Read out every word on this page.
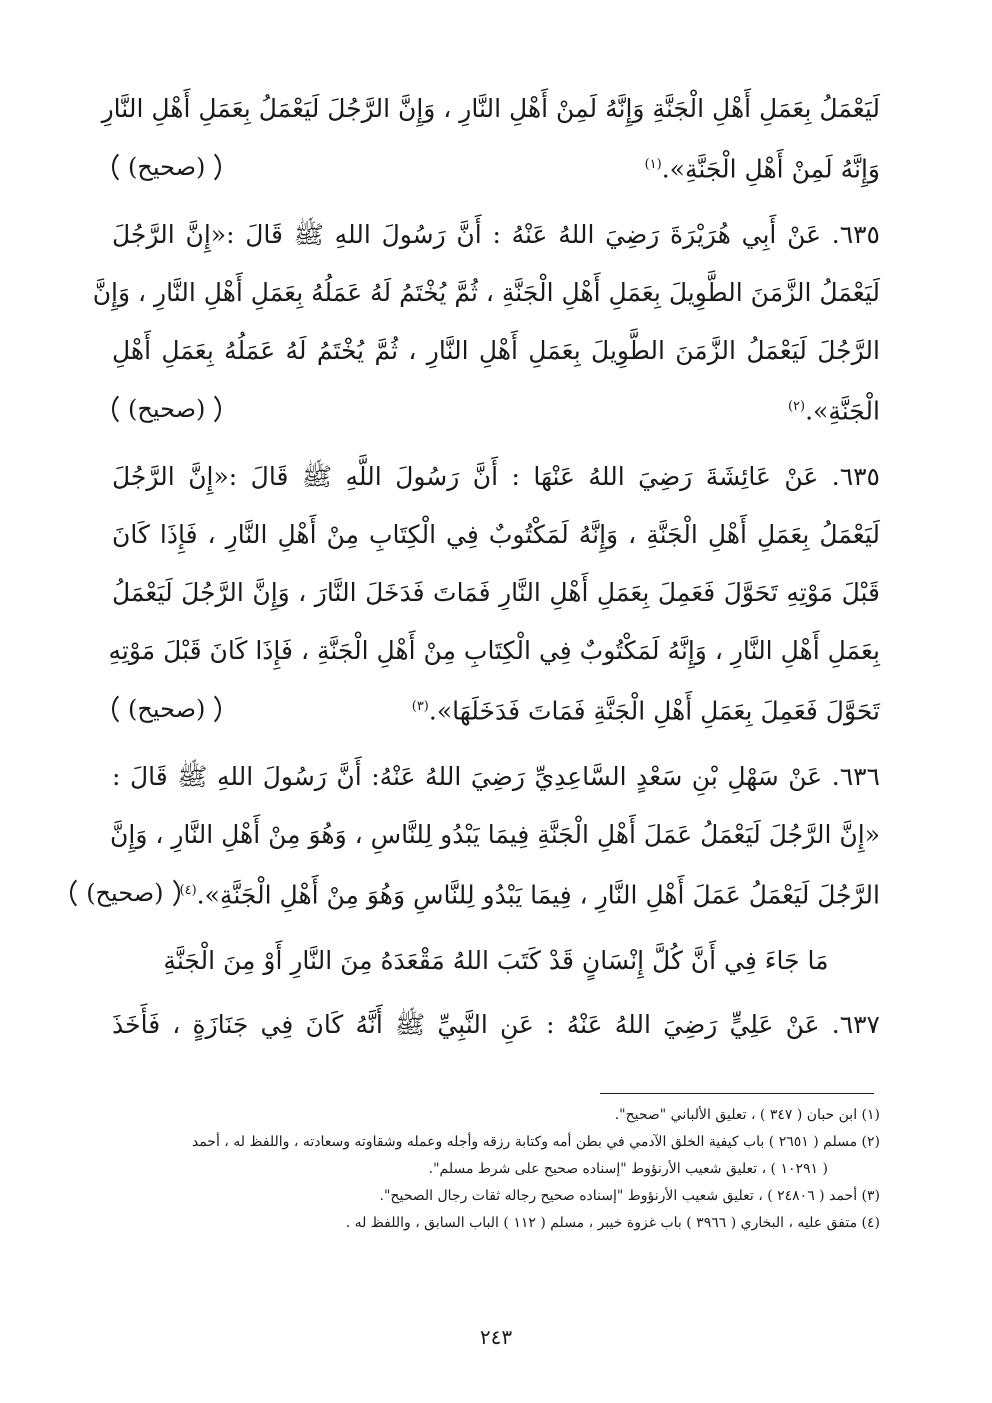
لَيَعْمَلُ بِعَمَلِ أَهْلِ الْجَنَّةِ وَإِنَّهُ لَمِنْ أَهْلِ النَّارِ ، وَإِنَّ الرَّجُلَ لَيَعْمَلُ بِعَمَلِ أَهْلِ النَّارِ
وَإِنَّهُ لَمِنْ أَهْلِ الْجَنَّةِ».$^{(١)}$
(صحيح)
٦٣٥. عَنْ أَبِي هُرَيْرَةَ رَضِيَ اللهُ عَنْهُ : أَنَّ رَسُولَ اللهِ ﷺ قَالَ :«إِنَّ الرَّجُلَ
لَيَعْمَلُ الزَّمَنَ الطَّوِيلَ بِعَمَلِ أَهْلِ الْجَنَّةِ ، ثُمَّ يُخْتَمُ لَهُ عَمَلُهُ بِعَمَلِ أَهْلِ النَّارِ ، وَإِنَّ
الرَّجُلَ لَيَعْمَلُ الزَّمَنَ الطَّوِيلَ بِعَمَلِ أَهْلِ النَّارِ ، ثُمَّ يُخْتَمُ لَهُ عَمَلُهُ بِعَمَلِ أَهْلِ
الْجَنَّةِ».$^{(٢)}$
(صحيح)
٦٣٥. عَنْ عَائِشَةَ رَضِيَ اللهُ عَنْهَا : أَنَّ رَسُولَ اللَّهِ ﷺ قَالَ :«إِنَّ الرَّجُلَ
لَيَعْمَلُ بِعَمَلِ أَهْلِ الْجَنَّةِ ، وَإِنَّهُ لَمَكْتُوبٌ فِي الْكِتَابِ مِنْ أَهْلِ النَّارِ ، فَإِذَا كَانَ
قَبْلَ مَوْتِهِ تَحَوَّلَ فَعَمِلَ بِعَمَلِ أَهْلِ النَّارِ فَمَاتَ فَدَخَلَ النَّارَ ، وَإِنَّ الرَّجُلَ لَيَعْمَلُ
بِعَمَلِ أَهْلِ النَّارِ ، وَإِنَّهُ لَمَكْتُوبٌ فِي الْكِتَابِ مِنْ أَهْلِ الْجَنَّةِ ، فَإِذَا كَانَ قَبْلَ مَوْتِهِ
تَحَوَّلَ فَعَمِلَ بِعَمَلِ أَهْلِ الْجَنَّةِ فَمَاتَ فَدَخَلَهَا».$^{(٣)}$
(صحيح)
٦٣٦. عَنْ سَهْلِ بْنِ سَعْدٍ السَّاعِدِيِّ رَضِيَ اللهُ عَنْهُ: أَنَّ رَسُولَ اللهِ ﷺ قَالَ :
«إِنَّ الرَّجُلَ لَيَعْمَلُ عَمَلَ أَهْلِ الْجَنَّةِ فِيمَا يَبْدُو لِلنَّاسِ ، وَهُوَ مِنْ أَهْلِ النَّارِ ، وَإِنَّ
الرَّجُلَ لَيَعْمَلُ عَمَلَ أَهْلِ النَّارِ ، فِيمَا يَبْدُو لِلنَّاسِ وَهُوَ مِنْ أَهْلِ الْجَنَّةِ».$^{(٤)}$
(صحيح)
مَا جَاءَ فِي أَنَّ كُلَّ إِنْسَانٍ قَدْ كَتَبَ اللهُ مَقْعَدَهُ مِنَ النَّارِ أَوْ مِنَ الْجَنَّةِ
٦٣٧. عَنْ عَلِيٍّ رَضِيَ اللهُ عَنْهُ : عَنِ النَّبِيِّ ﷺ أَنَّهُ كَانَ فِي جَنَازَةٍ ، فَأَخَذَ

(١) ابن حبان ( ٣٤٧ ) ، تعليق الألباني "صحيح".

(٢) مسلم ( ٢٦٥١ ) باب كيفية الخلق الآدمي في بطن أمه وكتابة رزقه وأجله وعمله وشقاوته وسعادته ، واللفظ له ، أحمد

( ١٠٢٩١ ) ، تعليق شعيب الأرنؤوط "إسناده صحيح على شرط مسلم".

(٣) أحمد ( ٢٤٨٠٦ ) ، تعليق شعيب الأرنؤوط "إسناده صحيح رجاله ثقات رجال الصحيح".

(٤) متفق عليه ، البخاري ( ٣٩٦٦ ) باب غزوة خيبر ، مسلم ( ١١٢ ) الباب السابق ، واللفظ له .

٢٤٣
